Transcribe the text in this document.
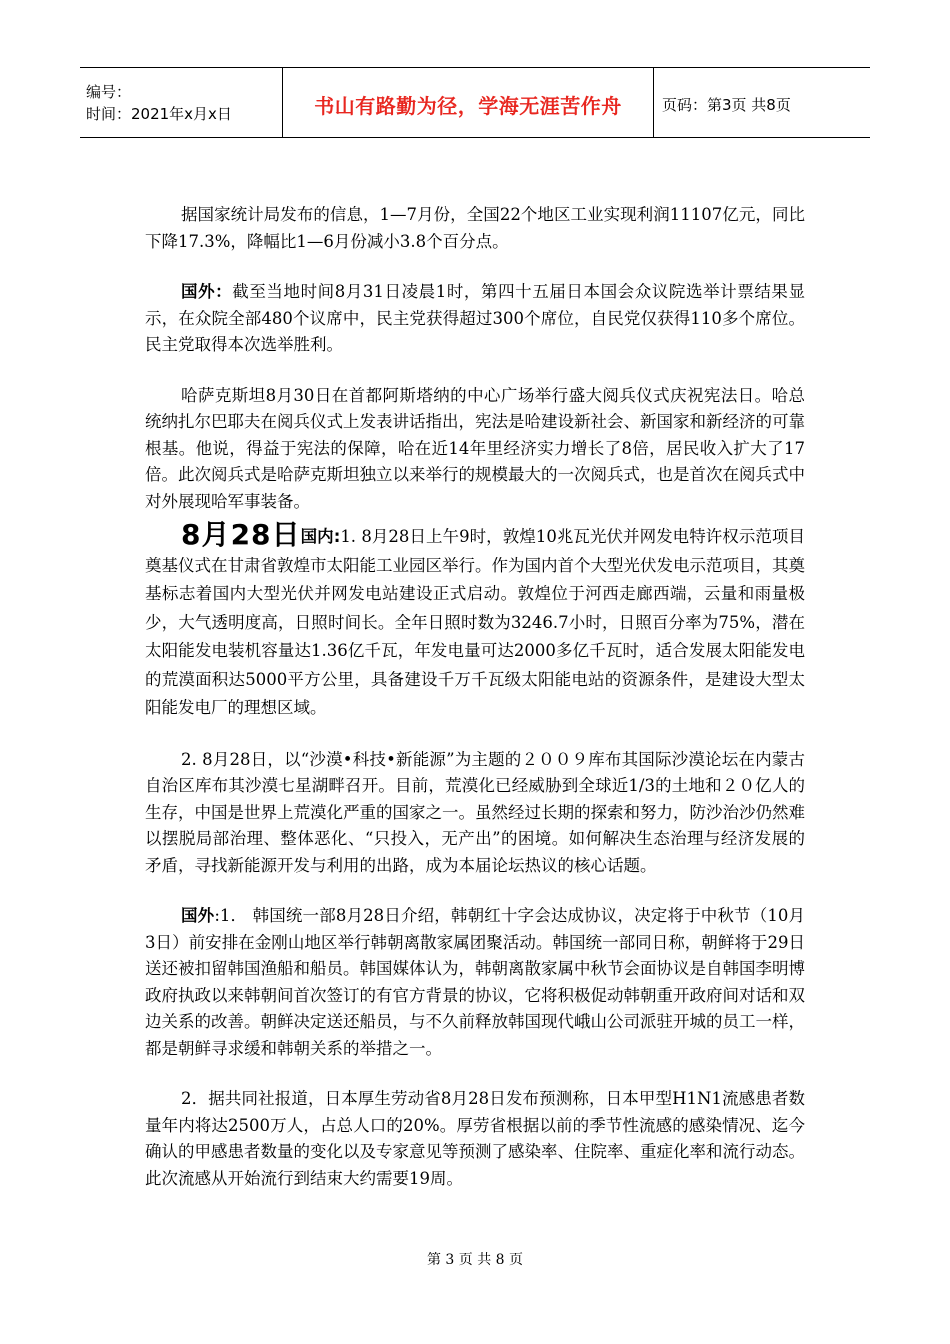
编号：
时间：2021年x月x日	书山有路勤为径，学海无涯苦作舟	页码：第3页 共8页

据国家统计局发布的信息，1—7月份，全国22个地区工业实现利润11107亿元，同比下降17.3%，降幅比1—6月份减小3.8个百分点。

国外：截至当地时间8月31日凌晨1时，第四十五届日本国会众议院选举计票结果显示，在众院全部480个议席中，民主党获得超过300个席位，自民党仅获得110多个席位。民主党取得本次选举胜利。

哈萨克斯坦8月30日在首都阿斯塔纳的中心广场举行盛大阅兵仪式庆祝宪法日。哈总统纳扎尔巴耶夫在阅兵仪式上发表讲话指出，宪法是哈建设新社会、新国家和新经济的可靠根基。他说，得益于宪法的保障，哈在近14年里经济实力增长了8倍，居民收入扩大了17倍。此次阅兵式是哈萨克斯坦独立以来举行的规模最大的一次阅兵式，也是首次在阅兵式中对外展现哈军事装备。

8月28日国内:1. 8月28日上午9时，敦煌10兆瓦光伏并网发电特许权示范项目奠基仪式在甘肃省敦煌市太阳能工业园区举行。作为国内首个大型光伏发电示范项目，其奠基标志着国内大型光伏并网发电站建设正式启动。敦煌位于河西走廊西端，云量和雨量极少，大气透明度高，日照时间长。全年日照时数为3246.7小时，日照百分率为75%，潜在太阳能发电装机容量达1.36亿千瓦，年发电量可达2000多亿千瓦时，适合发展太阳能发电的荒漠面积达5000平方公里，具备建设千万千瓦级太阳能电站的资源条件，是建设大型太阳能发电厂的理想区域。

2. 8月28日，以“沙漠•科技•新能源”为主题的２００９库布其国际沙漠论坛在内蒙古自治区库布其沙漠七星湖畔召开。目前，荒漠化已经威胁到全球近1/3的土地和２０亿人的生存，中国是世界上荒漠化严重的国家之一。虽然经过长期的探索和努力，防沙治沙仍然难以摆脱局部治理、整体恶化、“只投入，无产出”的困境。如何解决生态治理与经济发展的矛盾，寻找新能源开发与利用的出路，成为本届论坛热议的核心话题。

国外:1． 韩国统一部8月28日介绍，韩朝红十字会达成协议，决定将于中秋节（10月3日）前安排在金刚山地区举行韩朝离散家属团聚活动。韩国统一部同日称，朝鲜将于29日送还被扣留韩国渔船和船员。韩国媒体认为，韩朝离散家属中秋节会面协议是自韩国李明博政府执政以来韩朝间首次签订的有官方背景的协议，它将积极促动韩朝重开政府间对话和双边关系的改善。朝鲜决定送还船员，与不久前释放韩国现代峨山公司派驻开城的员工一样，都是朝鲜寻求缓和韩朝关系的举措之一。

2．据共同社报道，日本厚生劳动省8月28日发布预测称，日本甲型H1N1流感患者数量年内将达2500万人，占总人口的20%。厚劳省根据以前的季节性流感的感染情况、迄今确认的甲感患者数量的变化以及专家意见等预测了感染率、住院率、重症化率和流行动态。此次流感从开始流行到结束大约需要19周。

第 3 页 共 8 页
